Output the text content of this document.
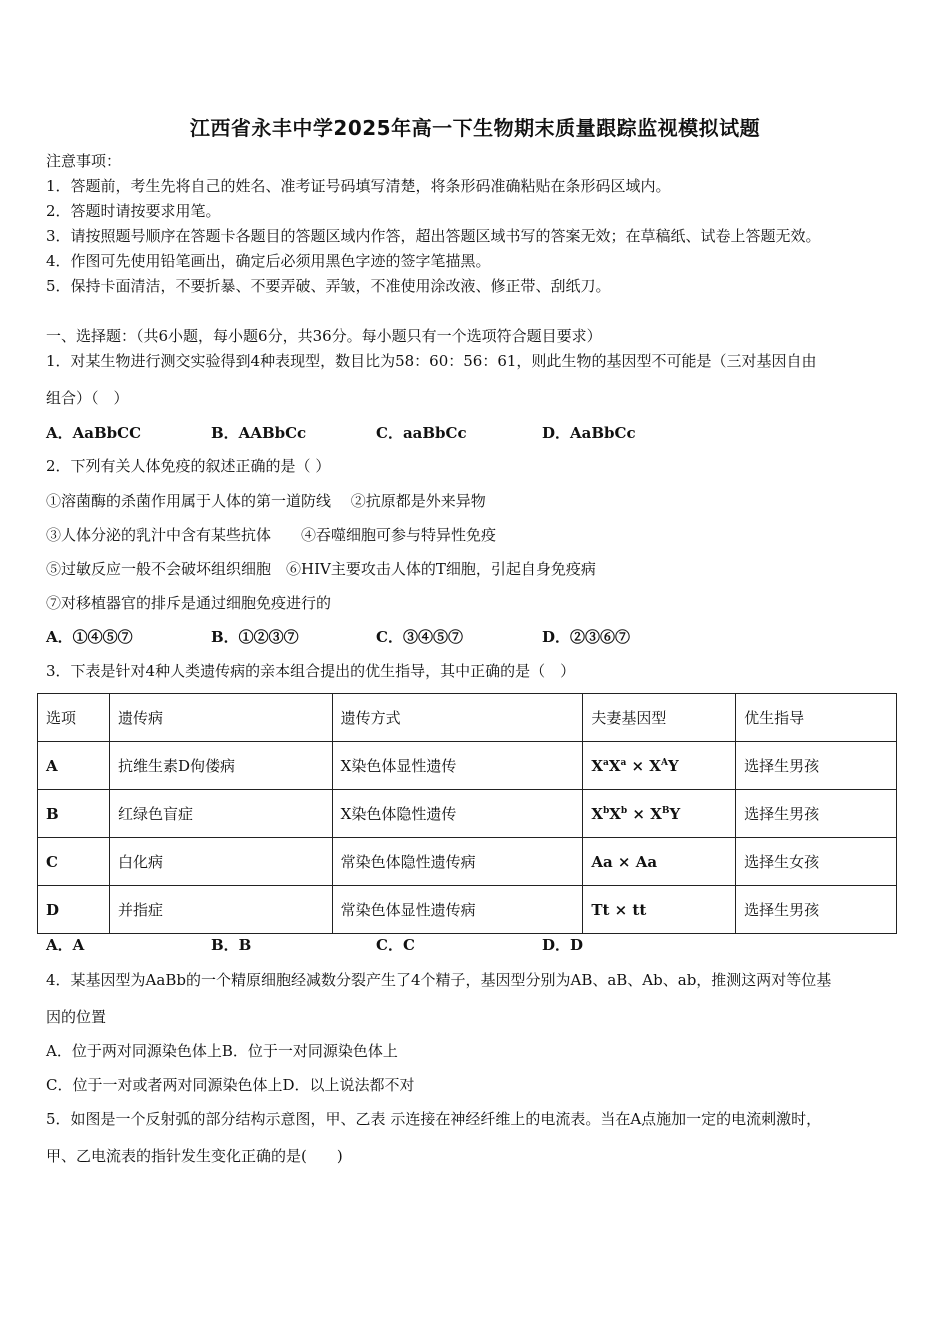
江西省永丰中学2025年高一下生物期末质量跟踪监视模拟试题
注意事项：
1．答题前，考生先将自己的姓名、准考证号码填写清楚，将条形码准确粘贴在条形码区域内。
2．答题时请按要求用笔。
3．请按照题号顺序在答题卡各题目的答题区域内作答，超出答题区域书写的答案无效；在草稿纸、试卷上答题无效。
4．作图可先使用铅笔画出，确定后必须用黑色字迹的签字笔描黑。
5．保持卡面清洁，不要折暴、不要弄破、弄皱，不准使用涂改液、修正带、刮纸刀。
一、选择题：（共6小题，每小题6分，共36分。每小题只有一个选项符合题目要求）
1．对某生物进行测交实验得到4种表现型，数目比为58：60：56：61，则此生物的基因型不可能是（三对基因自由
组合）（　）
A．AaBbCC	B．AABbCc	C．aaBbCc	D．AaBbCc
2．下列有关人体免疫的叙述正确的是（ ）
①溶菌酶的杀菌作用属于人体的第一道防线　 ②抗原都是外来异物
③人体分泌的乳汁中含有某些抗体　　④吞噬细胞可参与特异性免疫
⑤过敏反应一般不会破坏组织细胞　⑥HIV主要攻击人体的T细胞，引起自身免疫病
⑦对移植器官的排斥是通过细胞免疫进行的
A．①④⑤⑦	B．①②③⑦	C．③④⑤⑦	D．②③⑥⑦
3．下表是针对4种人类遗传病的亲本组合提出的优生指导，其中正确的是（　）
选项	遗传病	遗传方式	夫妻基因型	优生指导
A	抗维生素D佝偻病	X染色体显性遗传	$X^aX^a \times X^AY$	选择生男孩
B	红绿色盲症	X染色体隐性遗传	$X^bX^b \times X^BY$	选择生男孩
C	白化病	常染色体隐性遗传病	Aa × Aa	选择生女孩
D	并指症	常染色体显性遗传病	Tt × tt	选择生男孩
A．A	B．B	C．C	D．D
4．某基因型为AaBb的一个精原细胞经减数分裂产生了4个精子，基因型分别为AB、aB、Ab、ab，推测这两对等位基
因的位置
A．位于两对同源染色体上B．位于一对同源染色体上
C．位于一对或者两对同源染色体上D．以上说法都不对
5．如图是一个反射弧的部分结构示意图，甲、乙表 示连接在神经纤维上的电流表。当在A点施加一定的电流刺激时，
甲、乙电流表的指针发生变化正确的是(　　)
